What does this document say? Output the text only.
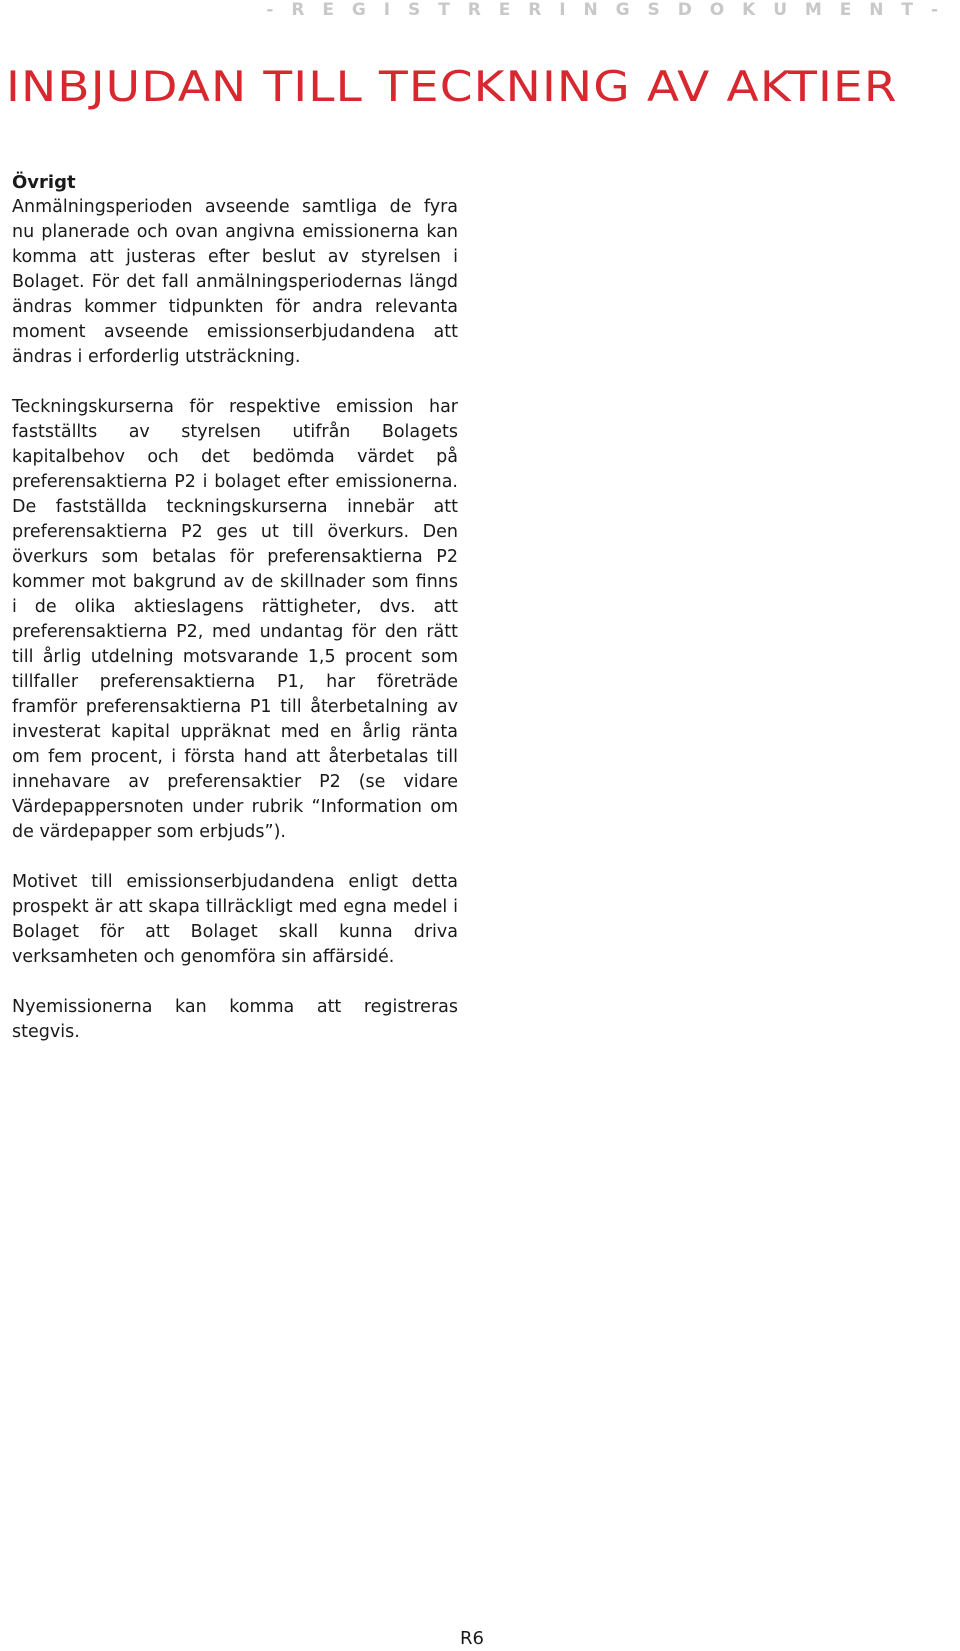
- R E G I S T R E R I N G S D O K U M E N T -
INBJUDAN TILL TECKNING AV AKTIER
Övrigt

Anmälningsperioden avseende samtliga de fyra nu planerade och ovan angivna emissionerna kan komma att justeras efter beslut av styrelsen i Bolaget. För det fall anmälningsperiodernas längd ändras kommer tidpunkten för andra relevanta moment avseende emissionserbjudandena att ändras i erforderlig utsträckning.

Teckningskurserna för respektive emission har fastställts av styrelsen utifrån Bolagets kapitalbehov och det bedömda värdet på preferensaktierna P2 i bolaget efter emissionerna. De fastställda teckningskurserna innebär att preferensaktierna P2 ges ut till överkurs. Den överkurs som betalas för preferensaktierna P2 kommer mot bakgrund av de skillnader som finns i de olika aktieslagens rättigheter, dvs. att preferensaktierna P2, med undantag för den rätt till årlig utdelning motsvarande 1,5 procent som tillfaller preferensaktierna P1, har företräde framför preferensaktierna P1 till återbetalning av investerat kapital uppräknat med en årlig ränta om fem procent, i första hand att återbetalas till innehavare av preferensaktier P2 (se vidare Värdepappersnoten under rubrik “Information om de värdepapper som erbjuds”).

Motivet till emissionserbjudandena enligt detta prospekt är att skapa tillräckligt med egna medel i Bolaget för att Bolaget skall kunna driva verksamheten och genomföra sin affärsidé.

Nyemissionerna kan komma att registreras stegvis.

R6
